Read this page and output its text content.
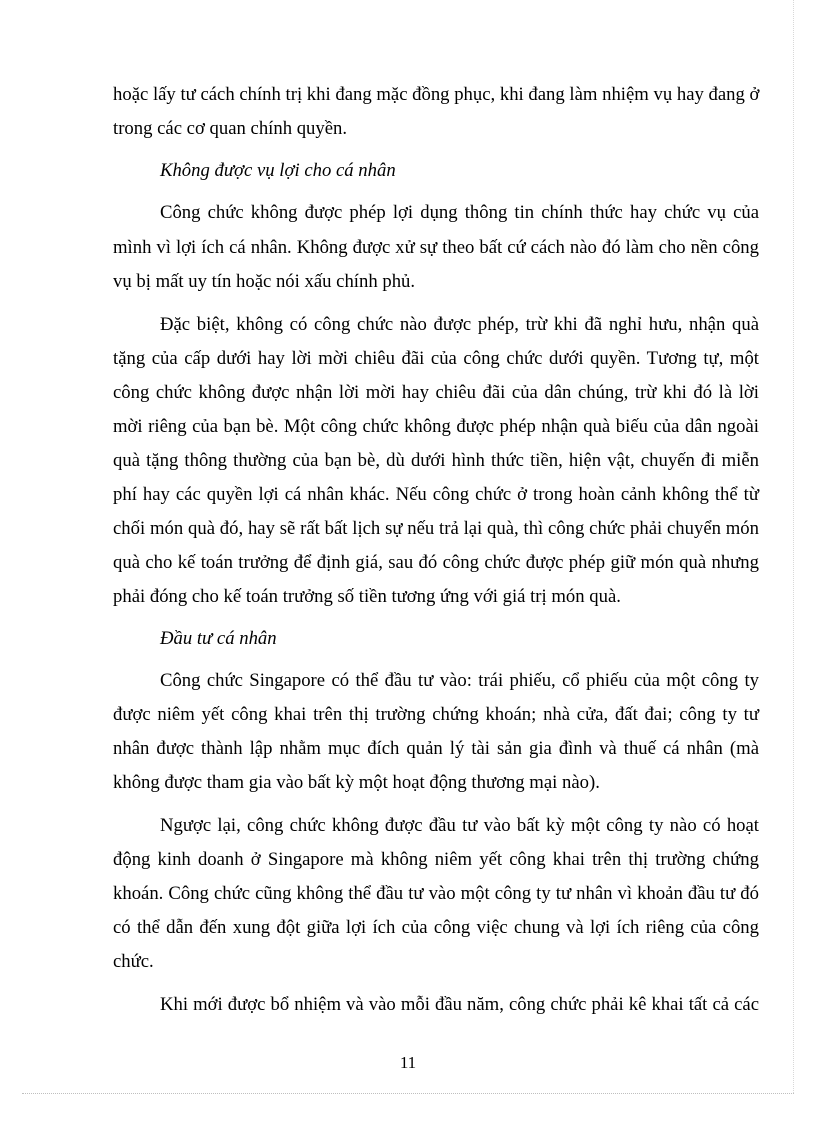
hoặc lấy tư cách chính trị khi đang mặc đồng phục, khi đang làm nhiệm vụ hay đang ở
trong các cơ quan chính quyền.
Không được vụ lợi cho cá nhân
Công chức không được phép lợi dụng thông tin chính thức hay chức vụ của
mình vì lợi ích cá nhân. Không được xử sự theo bất cứ cách nào đó làm cho nền công
vụ bị mất uy tín hoặc nói xấu chính phủ.
Đặc biệt, không có công chức nào được phép, trừ khi đã nghỉ hưu, nhận quà
tặng của cấp dưới hay lời mời chiêu đãi của công chức dưới quyền. Tương tự, một
công chức không được nhận lời mời hay chiêu đãi của dân chúng, trừ khi đó là lời
mời riêng của bạn bè. Một công chức không được phép nhận quà biếu của dân ngoài
quà tặng thông thường của bạn bè, dù dưới hình thức tiền, hiện vật, chuyến đi miễn
phí hay các quyền lợi cá nhân khác. Nếu công chức ở trong hoàn cảnh không thể từ
chối món quà đó, hay sẽ rất bất lịch sự nếu trả lại quà, thì công chức phải chuyển món
quà cho kế toán trưởng để định giá, sau đó công chức được phép giữ món quà nhưng
phải đóng cho kế toán trưởng số tiền tương ứng với giá trị món quà.
Đầu tư cá nhân
Công chức Singapore có thể đầu tư vào: trái phiếu, cổ phiếu của một công ty
được niêm yết công khai trên thị trường chứng khoán; nhà cửa, đất đai; công ty tư
nhân được thành lập nhằm mục đích quản lý tài sản gia đình và thuế cá nhân (mà
không được tham gia vào bất kỳ một hoạt động thương mại nào).
Ngược lại, công chức không được đầu tư vào bất kỳ một công ty nào có hoạt
động kinh doanh ở Singapore mà không niêm yết công khai trên thị trường chứng
khoán. Công chức cũng không thể đầu tư vào một công ty tư nhân vì khoản đầu tư đó
có thể dẫn đến xung đột giữa lợi ích của công việc chung và lợi ích riêng của công
chức.
Khi mới được bổ nhiệm và vào mỗi đầu năm, công chức phải kê khai tất cả các
11
